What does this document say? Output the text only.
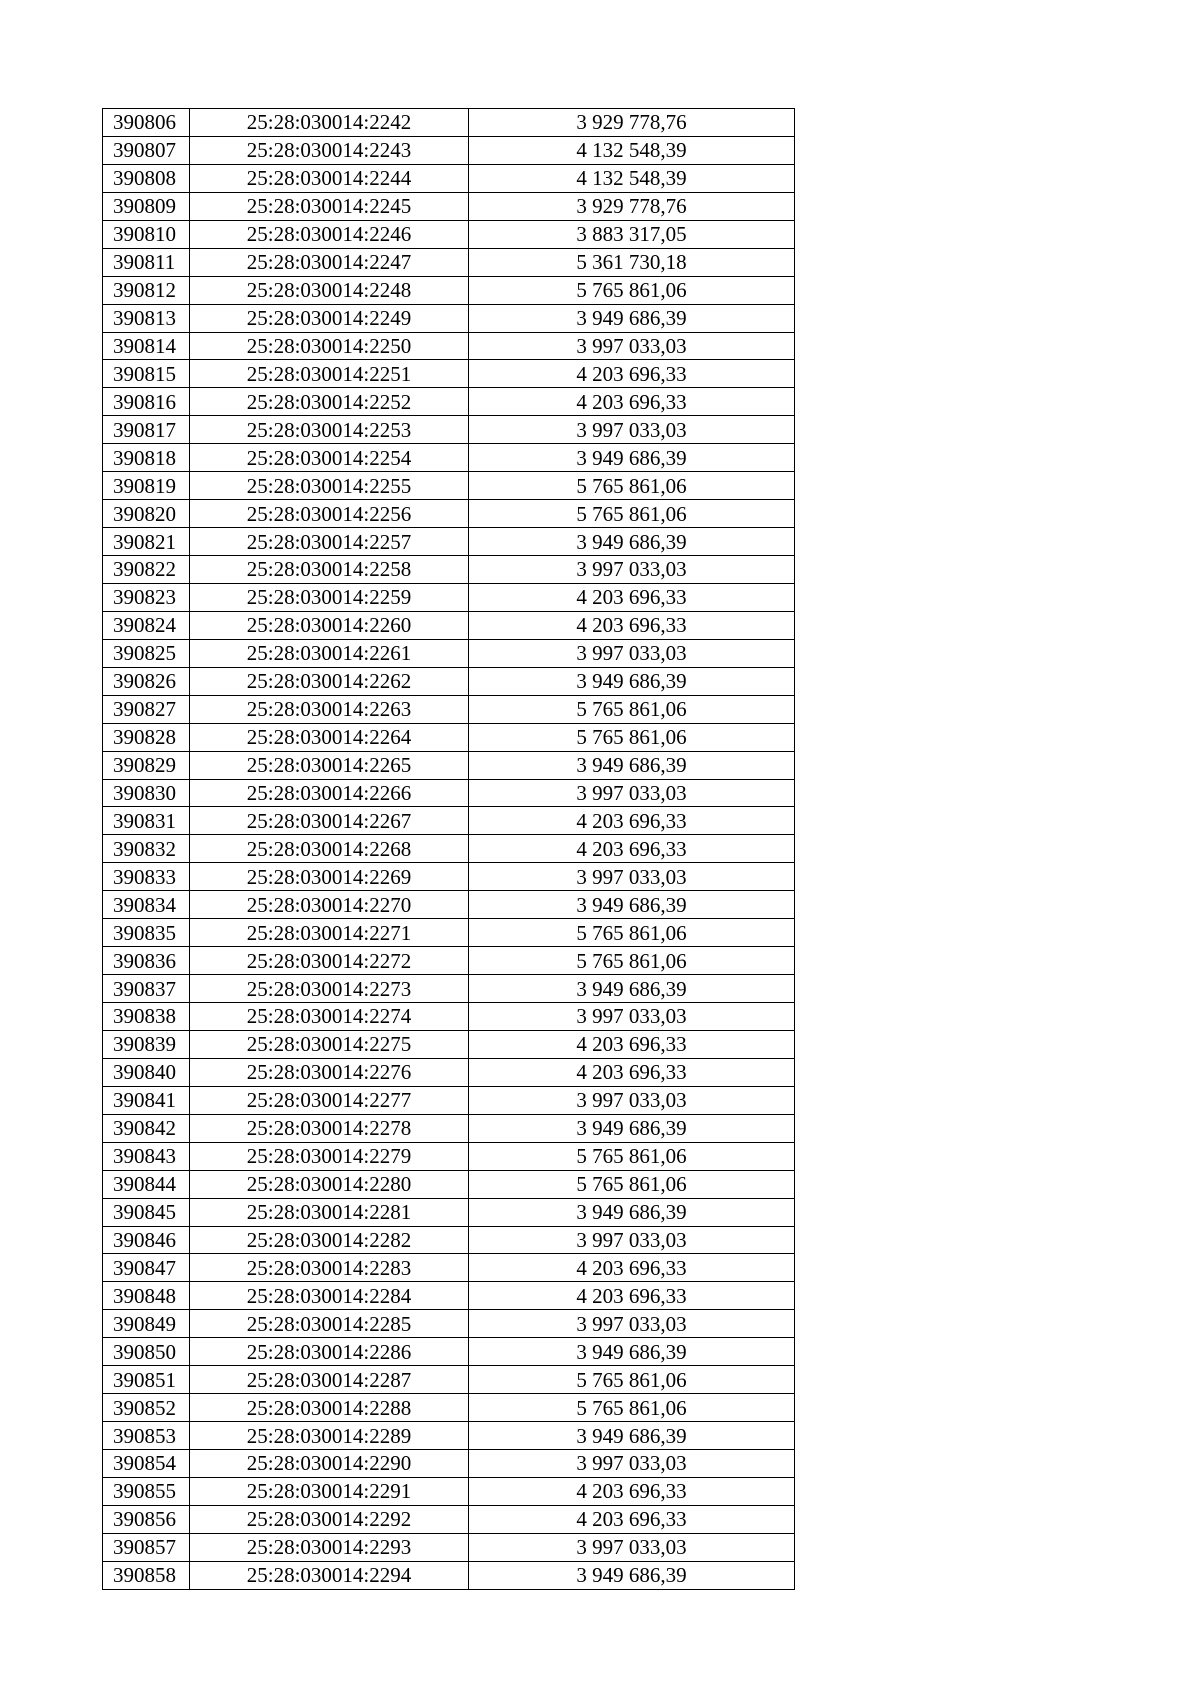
390806	25:28:030014:2242	3 929 778,76
390807	25:28:030014:2243	4 132 548,39
390808	25:28:030014:2244	4 132 548,39
390809	25:28:030014:2245	3 929 778,76
390810	25:28:030014:2246	3 883 317,05
390811	25:28:030014:2247	5 361 730,18
390812	25:28:030014:2248	5 765 861,06
390813	25:28:030014:2249	3 949 686,39
390814	25:28:030014:2250	3 997 033,03
390815	25:28:030014:2251	4 203 696,33
390816	25:28:030014:2252	4 203 696,33
390817	25:28:030014:2253	3 997 033,03
390818	25:28:030014:2254	3 949 686,39
390819	25:28:030014:2255	5 765 861,06
390820	25:28:030014:2256	5 765 861,06
390821	25:28:030014:2257	3 949 686,39
390822	25:28:030014:2258	3 997 033,03
390823	25:28:030014:2259	4 203 696,33
390824	25:28:030014:2260	4 203 696,33
390825	25:28:030014:2261	3 997 033,03
390826	25:28:030014:2262	3 949 686,39
390827	25:28:030014:2263	5 765 861,06
390828	25:28:030014:2264	5 765 861,06
390829	25:28:030014:2265	3 949 686,39
390830	25:28:030014:2266	3 997 033,03
390831	25:28:030014:2267	4 203 696,33
390832	25:28:030014:2268	4 203 696,33
390833	25:28:030014:2269	3 997 033,03
390834	25:28:030014:2270	3 949 686,39
390835	25:28:030014:2271	5 765 861,06
390836	25:28:030014:2272	5 765 861,06
390837	25:28:030014:2273	3 949 686,39
390838	25:28:030014:2274	3 997 033,03
390839	25:28:030014:2275	4 203 696,33
390840	25:28:030014:2276	4 203 696,33
390841	25:28:030014:2277	3 997 033,03
390842	25:28:030014:2278	3 949 686,39
390843	25:28:030014:2279	5 765 861,06
390844	25:28:030014:2280	5 765 861,06
390845	25:28:030014:2281	3 949 686,39
390846	25:28:030014:2282	3 997 033,03
390847	25:28:030014:2283	4 203 696,33
390848	25:28:030014:2284	4 203 696,33
390849	25:28:030014:2285	3 997 033,03
390850	25:28:030014:2286	3 949 686,39
390851	25:28:030014:2287	5 765 861,06
390852	25:28:030014:2288	5 765 861,06
390853	25:28:030014:2289	3 949 686,39
390854	25:28:030014:2290	3 997 033,03
390855	25:28:030014:2291	4 203 696,33
390856	25:28:030014:2292	4 203 696,33
390857	25:28:030014:2293	3 997 033,03
390858	25:28:030014:2294	3 949 686,39
